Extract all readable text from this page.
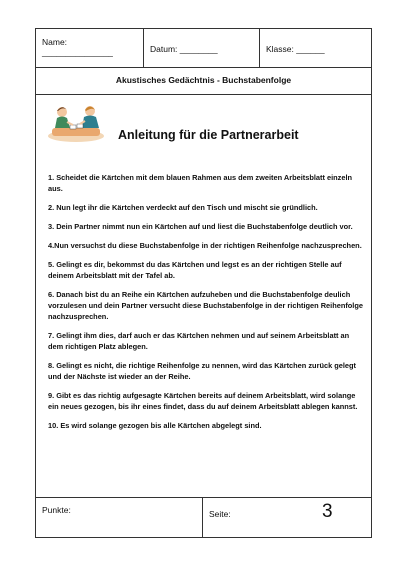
Name:
_______________	Datum: ________	Klasse: ______
Akustisches Gedächtnis - Buchstabenfolge
Anleitung für die Partnerarbeit

1. Scheidet die Kärtchen mit dem blauen Rahmen aus dem zweiten Arbeitsblatt einzeln aus.

2. Nun legt ihr die Kärtchen verdeckt auf den Tisch und mischt sie gründlich.

3. Dein Partner nimmt nun ein Kärtchen auf und liest die Buchstabenfolge deutlich vor.

4.Nun versuchst du diese Buchstabenfolge in der richtigen Reihenfolge nachzusprechen.

5. Gelingt es dir, bekommst du das Kärtchen und legst es an der richtigen Stelle auf deinem Arbeitsblatt mit der Tafel ab.

6. Danach bist du an Reihe ein Kärtchen aufzuheben und die Buchstabenfolge deulich vorzulesen und dein Partner versucht diese Buchstabenfolge in der richtigen Reihenfolge nachzusprechen.

7. Gelingt ihm dies, darf auch er das Kärtchen nehmen und auf seinem Arbeitsblatt an dem richtigen Platz ablegen.

8. Gelingt es nicht, die richtige Reihenfolge zu nennen, wird das Kärtchen zurück gelegt und der Nächste ist wieder an der Reihe.

9. Gibt es das richtig aufgesagte Kärtchen bereits auf deinem Arbeitsblatt, wird solange ein neues gezogen, bis ihr eines findet, dass du auf deinem Arbeitsblatt ablegen kannst.

10. Es wird solange gezogen bis alle Kärtchen abgelegt sind.

Punkte:	Seite:	3
